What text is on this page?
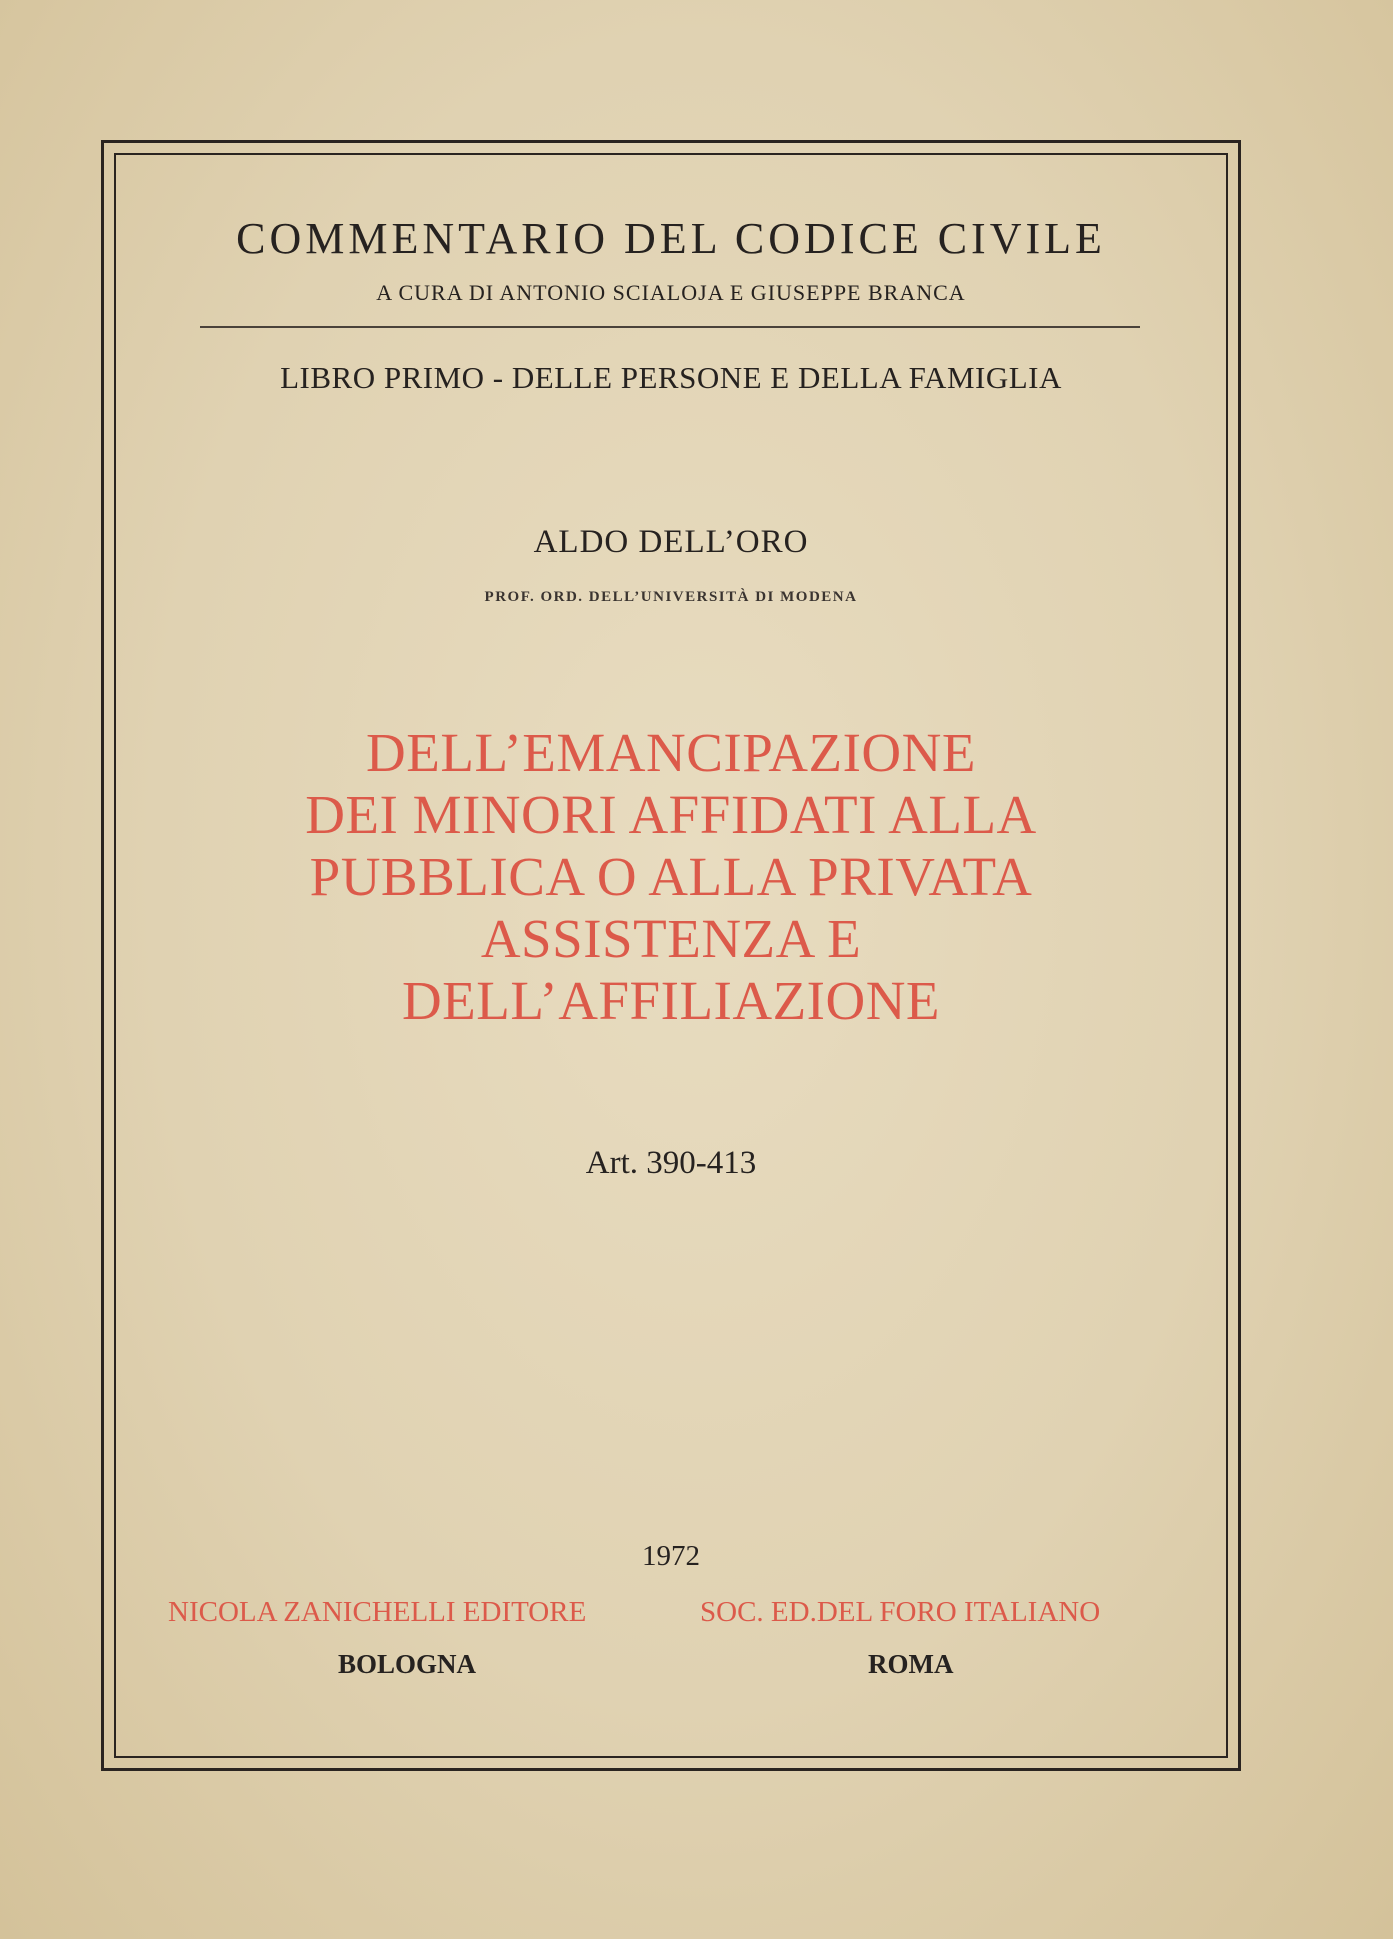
COMMENTARIO DEL CODICE CIVILE
A CURA DI ANTONIO SCIALOJA E GIUSEPPE BRANCA
LIBRO PRIMO - DELLE PERSONE E DELLA FAMIGLIA
ALDO DELL’ORO
PROF. ORD. DELL’UNIVERSITÀ DI MODENA
DELL’EMANCIPAZIONE
DEI MINORI AFFIDATI ALLA
PUBBLICA O ALLA PRIVATA
ASSISTENZA E
DELL’AFFILIAZIONE
Art. 390-413
1972
NICOLA ZANICHELLI EDITORE	SOC. ED.DEL FORO ITALIANO
BOLOGNA	ROMA
